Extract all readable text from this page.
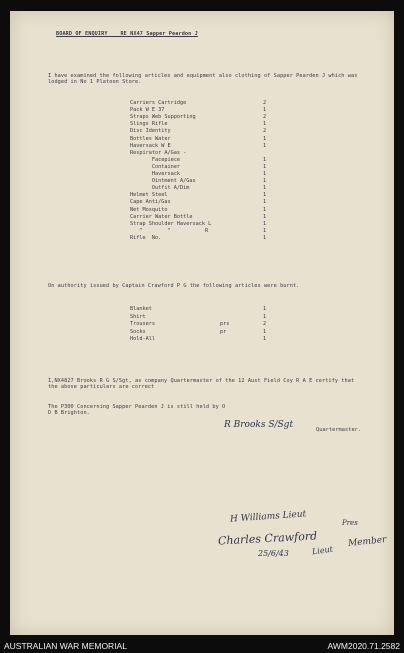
BOARD OF ENQUIRY    RE NX47 Sapper Peardon J
I have examined the following articles and equipment also clothing of Sapper Pearden J which was lodged in No 1 Platoon Store.
Carriers Cartridge	2
Pack W E 37	1
Straps Web Supporting	2
Slings Rifle	1
Disc Identity	2
Bottles Water	1
Haversack W E	1
Respirator A/Gas -
Facepiece	1
Container	1
Haversack	1
Ointment A/Gas	1
Outfit A/Dim	1
Helmet Steel	1
Cape Anti/Gas	1
Net Mosquito	1
Carrier Water Bottle	1
Strap Shoulder Haversack L	1
"        "           R	1
Rifle  No.	1
On authority issued by Captain Crawford P G the following articles were burnt.
Blanket	1
Shirt	1
Trousers	prs	2
Socks	pr	1
Hold-All	1
I,NX4827 Brooks R G S/Sgt, as company Quartermaster of the 12 Aust Field Coy R A E certify that the above particulars are correct
The P300 Concerning Sapper Pearden J is still held by O D B Brighton.
R Brooks S/Sgt	Quartermaster.
H Williams Lieut	Pres
Charles Crawford	Member
25/6/43	Lieut
AUSTRALIAN WAR MEMORIAL	AWM2020.71.2582
